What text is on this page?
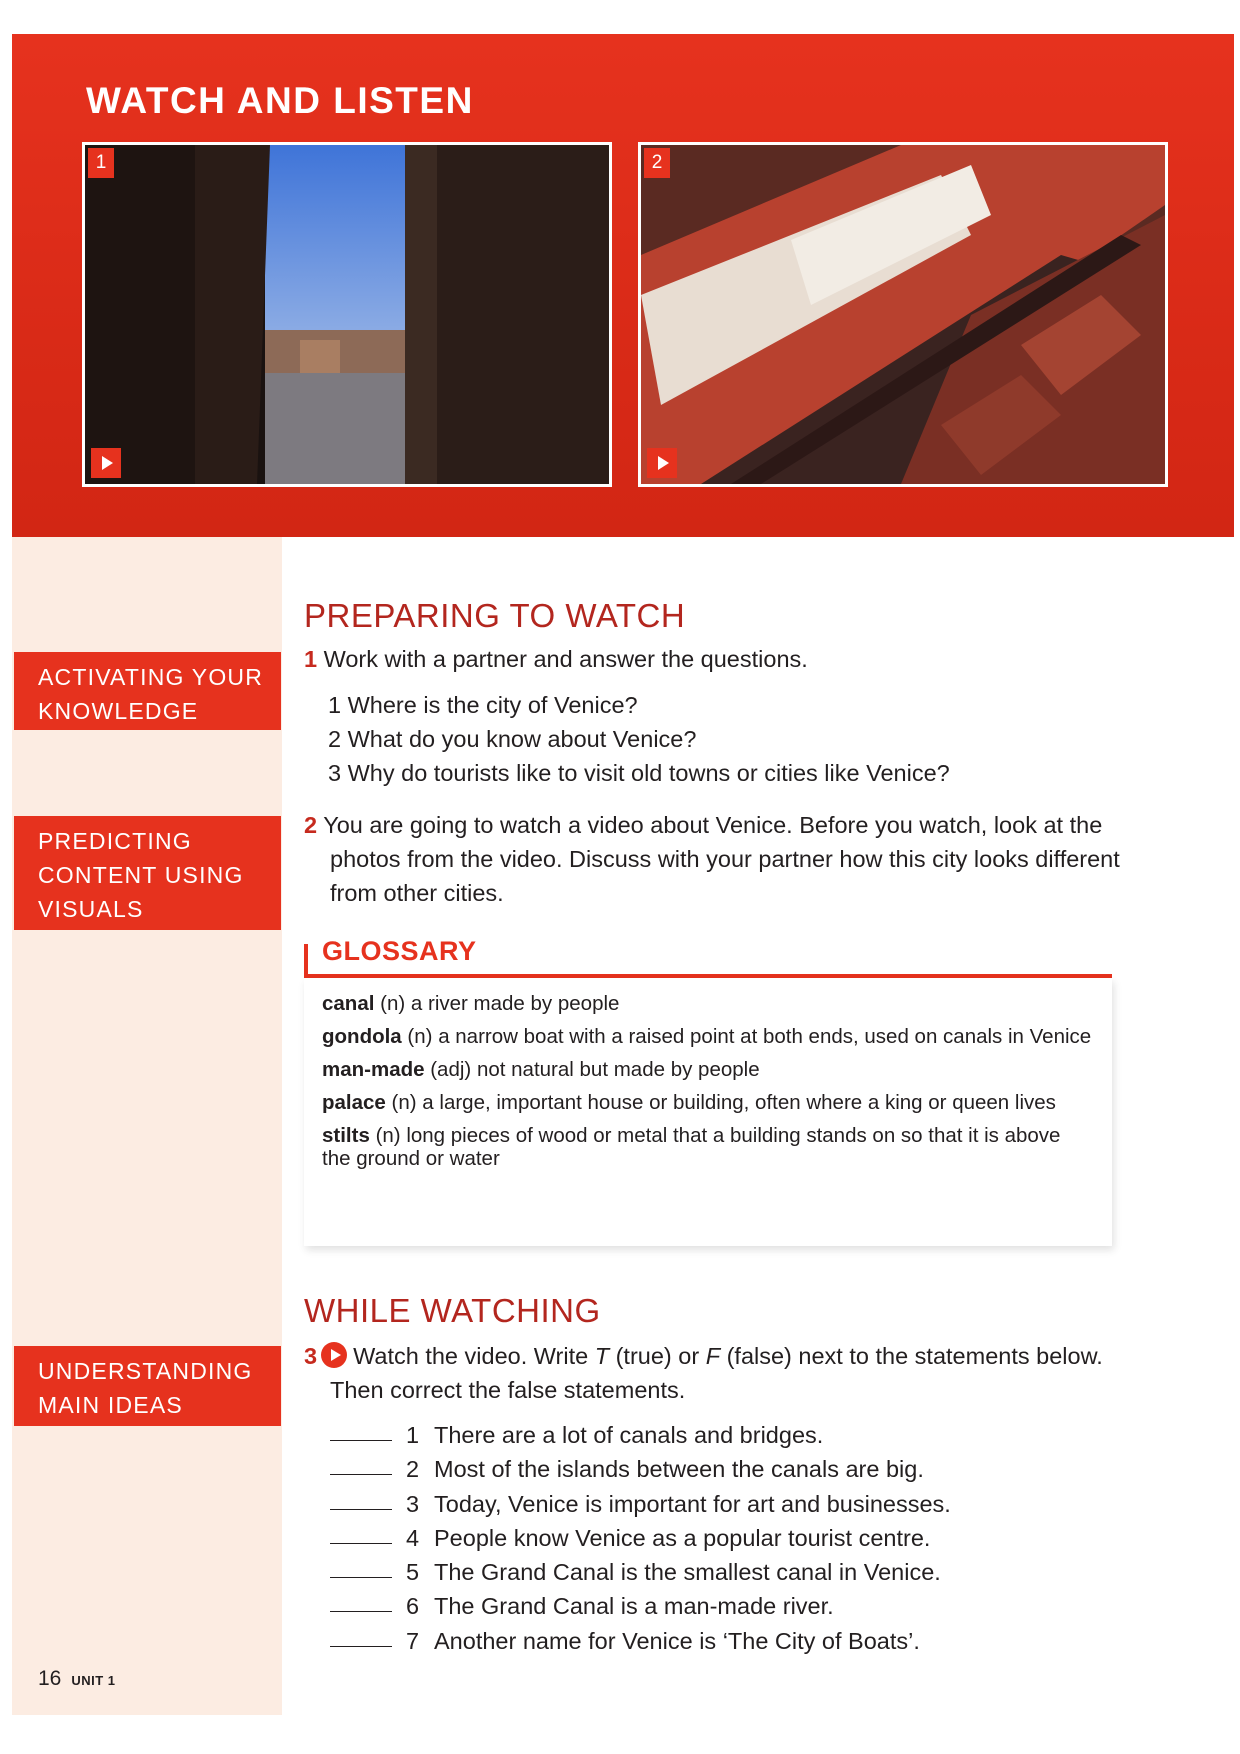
WATCH AND LISTEN
1	2
ACTIVATING YOUR
KNOWLEDGE
PREDICTING
CONTENT USING
VISUALS
UNDERSTANDING
MAIN IDEAS
16 UNIT 1
PREPARING TO WATCH
1 Work with a partner and answer the questions.
1 Where is the city of Venice?
2 What do you know about Venice?
3 Why do tourists like to visit old towns or cities like Venice?
2 You are going to watch a video about Venice. Before you watch, look at the photos from the video. Discuss with your partner how this city looks different from other cities.
GLOSSARY
canal (n) a river made by people
gondola (n) a narrow boat with a raised point at both ends, used on canals in Venice
man-made (adj) not natural but made by people
palace (n) a large, important house or building, often where a king or queen lives
stilts (n) long pieces of wood or metal that a building stands on so that it is above the ground or water
WHILE WATCHING
3 Watch the video. Write T (true) or F (false) next to the statements below. Then correct the false statements.
1 There are a lot of canals and bridges.
2 Most of the islands between the canals are big.
3 Today, Venice is important for art and businesses.
4 People know Venice as a popular tourist centre.
5 The Grand Canal is the smallest canal in Venice.
6 The Grand Canal is a man-made river.
7 Another name for Venice is ‘The City of Boats’.
